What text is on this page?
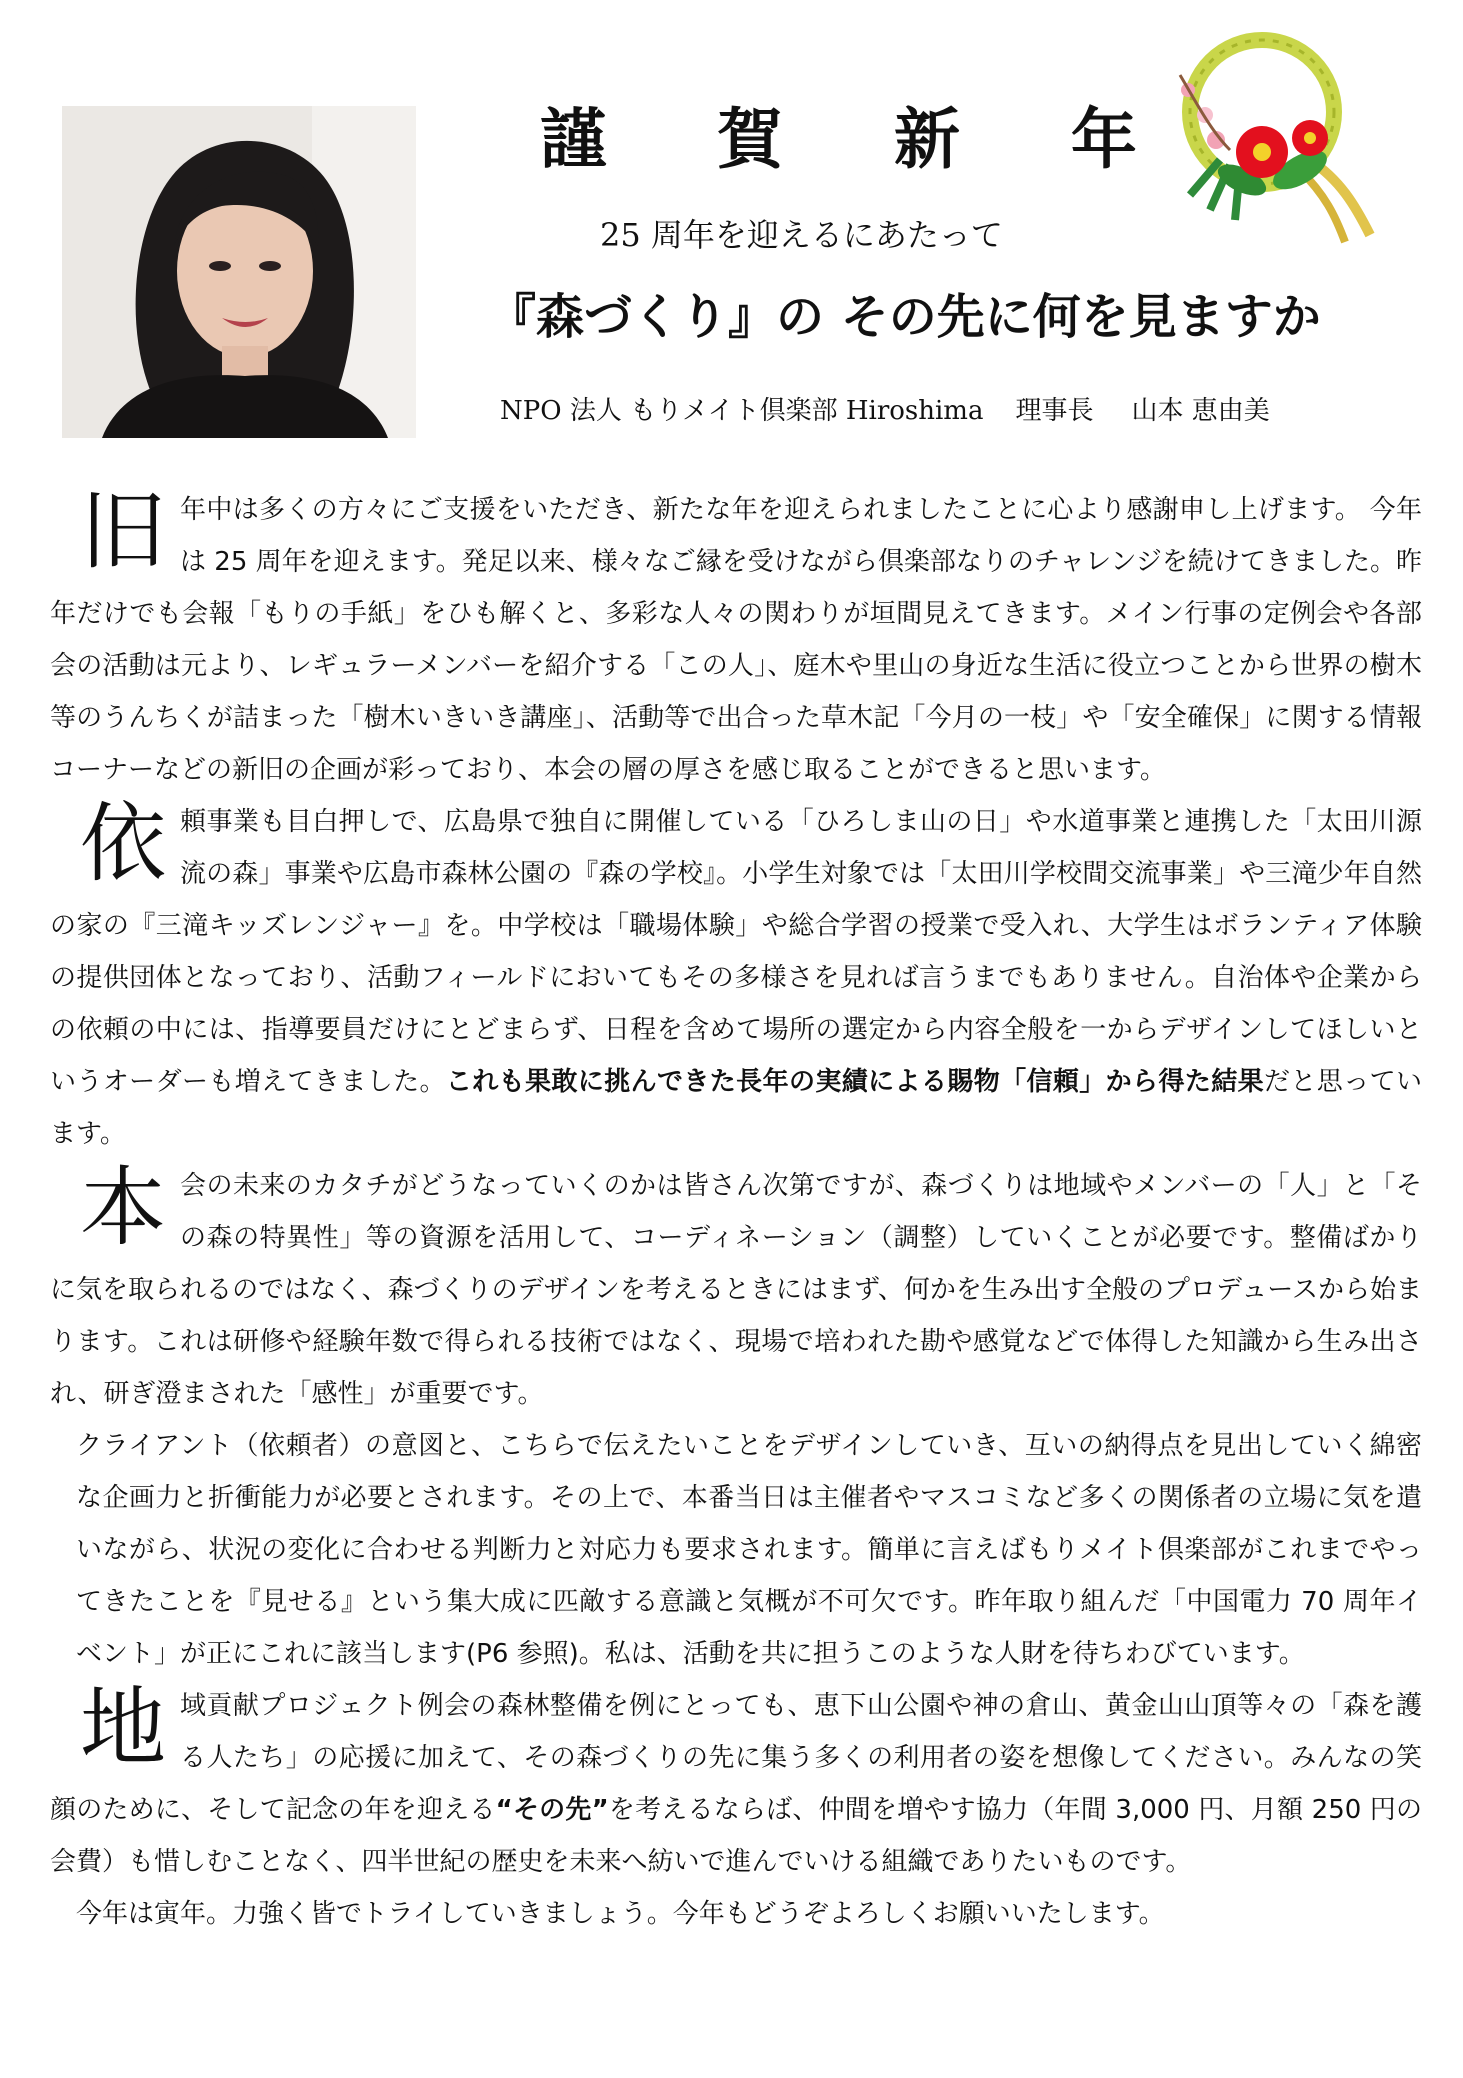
謹 賀 新 年

25 周年を迎えるにあたって

『森づくり』の その先に何を見ますか

NPO 法人 もりメイト倶楽部 Hiroshima 理事長 山本 恵由美

旧年中は多くの方々にご支援をいただき、新たな年を迎えられましたことに心より感謝申し上げます。 今年は 25 周年を迎えます。発足以来、様々なご縁を受けながら倶楽部なりのチャレンジを続けてきました。昨年だけでも会報「もりの手紙」をひも解くと、多彩な人々の関わりが垣間見えてきます。メイン行事の定例会や各部会の活動は元より、レギュラーメンバーを紹介する「この人」、庭木や里山の身近な生活に役立つことから世界の樹木等のうんちくが詰まった「樹木いきいき講座」、活動等で出合った草木記「今月の一枝」や「安全確保」に関する情報コーナーなどの新旧の企画が彩っており、本会の層の厚さを感じ取ることができると思います。

依頼事業も目白押しで、広島県で独自に開催している「ひろしま山の日」や水道事業と連携した「太田川源流の森」事業や広島市森林公園の『森の学校』。小学生対象では「太田川学校間交流事業」や三滝少年自然の家の『三滝キッズレンジャー』を。中学校は「職場体験」や総合学習の授業で受入れ、大学生はボランティア体験の提供団体となっており、活動フィールドにおいてもその多様さを見れば言うまでもありません。自治体や企業からの依頼の中には、指導要員だけにとどまらず、日程を含めて場所の選定から内容全般を一からデザインしてほしいというオーダーも増えてきました。これも果敢に挑んできた長年の実績による賜物「信頼」から得た結果だと思っています。

本会の未来のカタチがどうなっていくのかは皆さん次第ですが、森づくりは地域やメンバーの「人」と「その森の特異性」等の資源を活用して、コーディネーション（調整）していくことが必要です。整備ばかりに気を取られるのではなく、森づくりのデザインを考えるときにはまず、何かを生み出す全般のプロデュースから始まります。これは研修や経験年数で得られる技術ではなく、現場で培われた勘や感覚などで体得した知識から生み出され、研ぎ澄まされた「感性」が重要です。

クライアント（依頼者）の意図と、こちらで伝えたいことをデザインしていき、互いの納得点を見出していく綿密な企画力と折衝能力が必要とされます。その上で、本番当日は主催者やマスコミなど多くの関係者の立場に気を遣いながら、状況の変化に合わせる判断力と対応力も要求されます。簡単に言えばもりメイト倶楽部がこれまでやってきたことを『見せる』という集大成に匹敵する意識と気概が不可欠です。昨年取り組んだ「中国電力 70 周年イベント」が正にこれに該当します(P6 参照)。私は、活動を共に担うこのような人財を待ちわびています。

地域貢献プロジェクト例会の森林整備を例にとっても、恵下山公園や神の倉山、黄金山山頂等々の「森を護る人たち」の応援に加えて、その森づくりの先に集う多くの利用者の姿を想像してください。みんなの笑顔のために、そして記念の年を迎える“その先”を考えるならば、仲間を増やす協力（年間 3,000 円、月額 250 円の会費）も惜しむことなく、四半世紀の歴史を未来へ紡いで進んでいける組織でありたいものです。

今年は寅年。力強く皆でトライしていきましょう。今年もどうぞよろしくお願いいたします。
